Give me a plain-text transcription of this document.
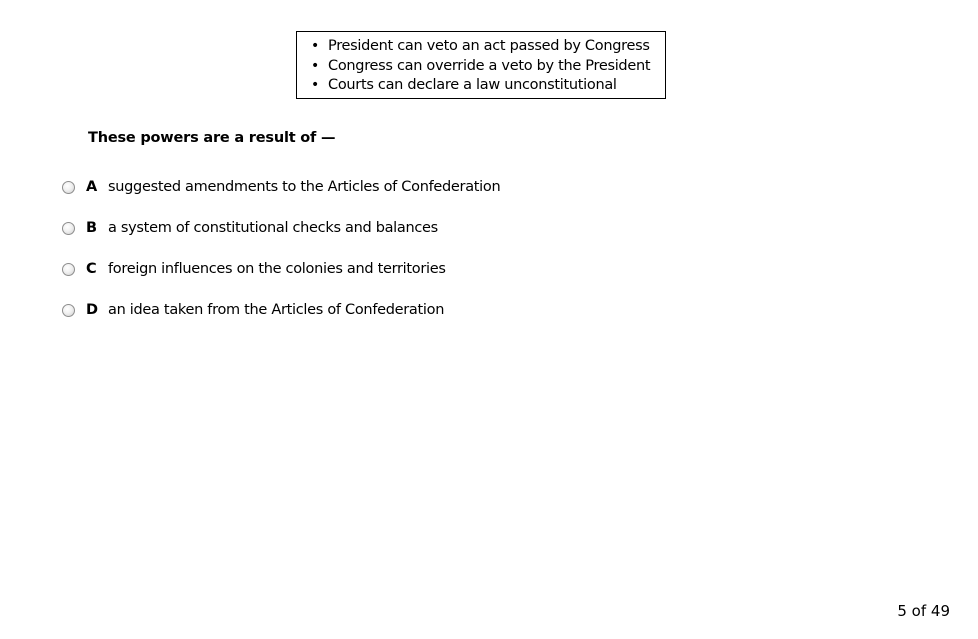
• President can veto an act passed by Congress
• Congress can override a veto by the President
• Courts can declare a law unconstitutional
These powers are a result of —
A suggested amendments to the Articles of Confederation
B a system of constitutional checks and balances
C foreign influences on the colonies and territories
D an idea taken from the Articles of Confederation
5 of 49
